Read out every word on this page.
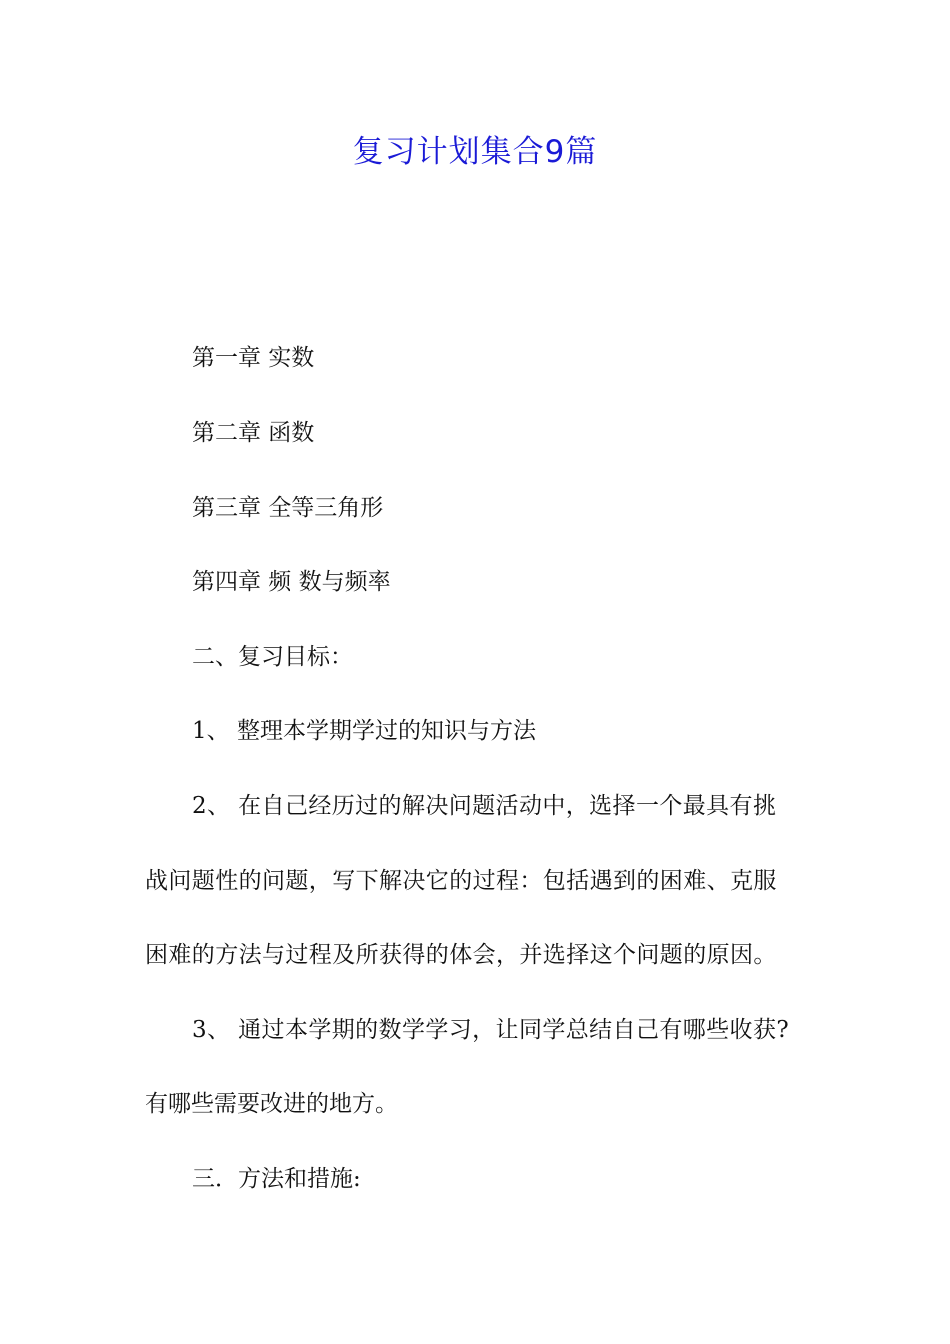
复习计划集合9篇
第一章 实数
第二章 函数
第三章 全等三角形
第四章 频 数与频率
二、复习目标：
1、 整理本学期学过的知识与方法
2、 在自己经历过的解决问题活动中，选择一个最具有挑
战问题性的问题，写下解决它的过程：包括遇到的困难、克服
困难的方法与过程及所获得的体会，并选择这个问题的原因。
3、 通过本学期的数学学习，让同学总结自己有哪些收获?
有哪些需要改进的地方。
三．方法和措施:
